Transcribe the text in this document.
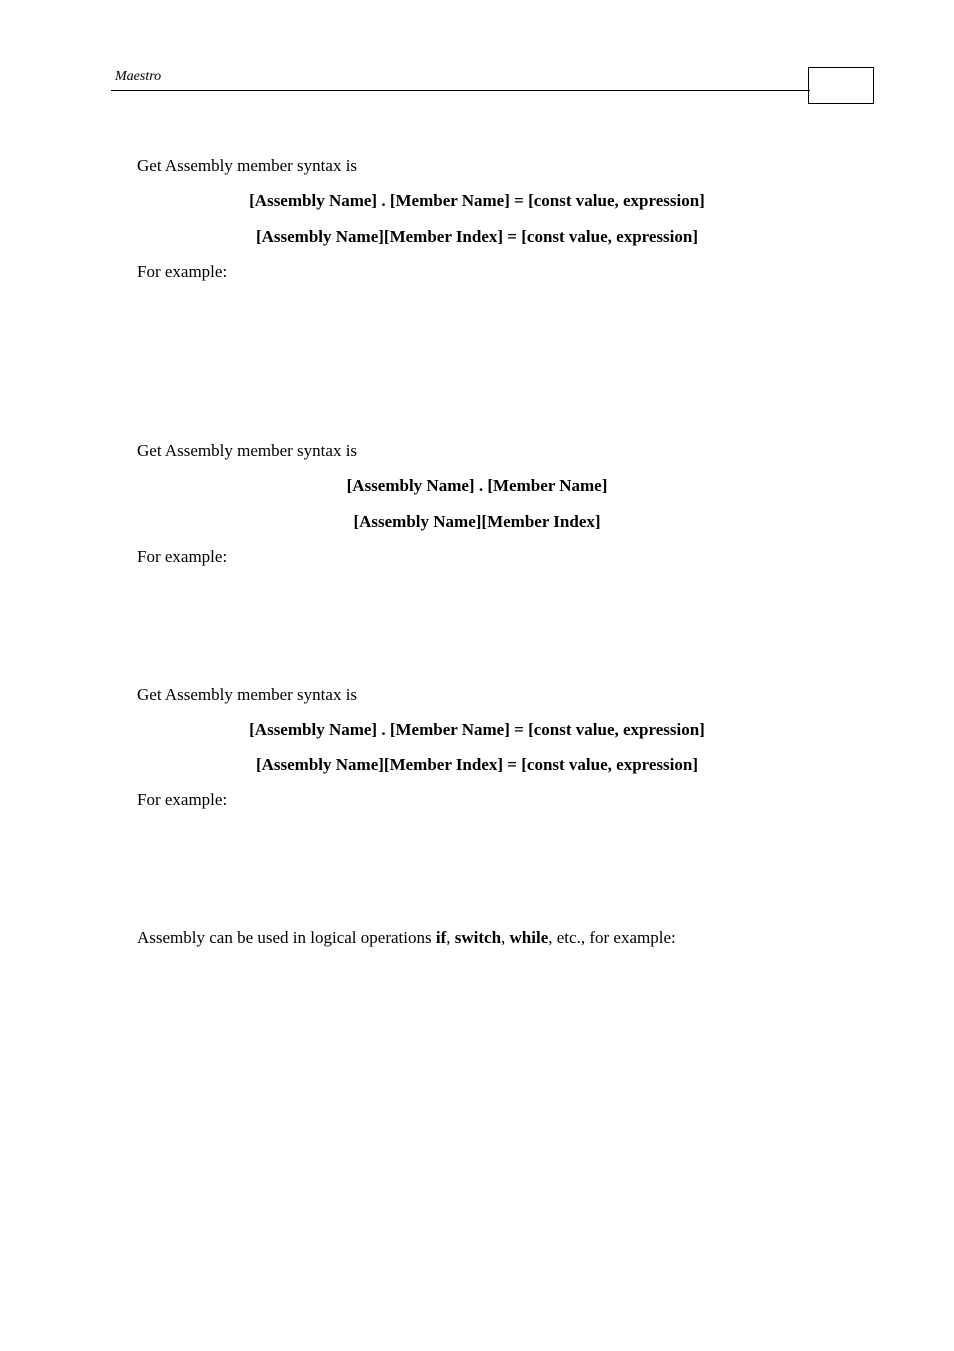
Maestro
Get Assembly member syntax is
[Assembly Name] . [Member Name] = [const value, expression]
[Assembly Name][Member Index] = [const value, expression]
For example:
Get Assembly member syntax is
[Assembly Name] . [Member Name]
[Assembly Name][Member Index]
For example:
Get Assembly member syntax is
[Assembly Name] . [Member Name] = [const value, expression]
[Assembly Name][Member Index] = [const value, expression]
For example:
Assembly can be used in logical operations if, switch, while, etc., for example:
